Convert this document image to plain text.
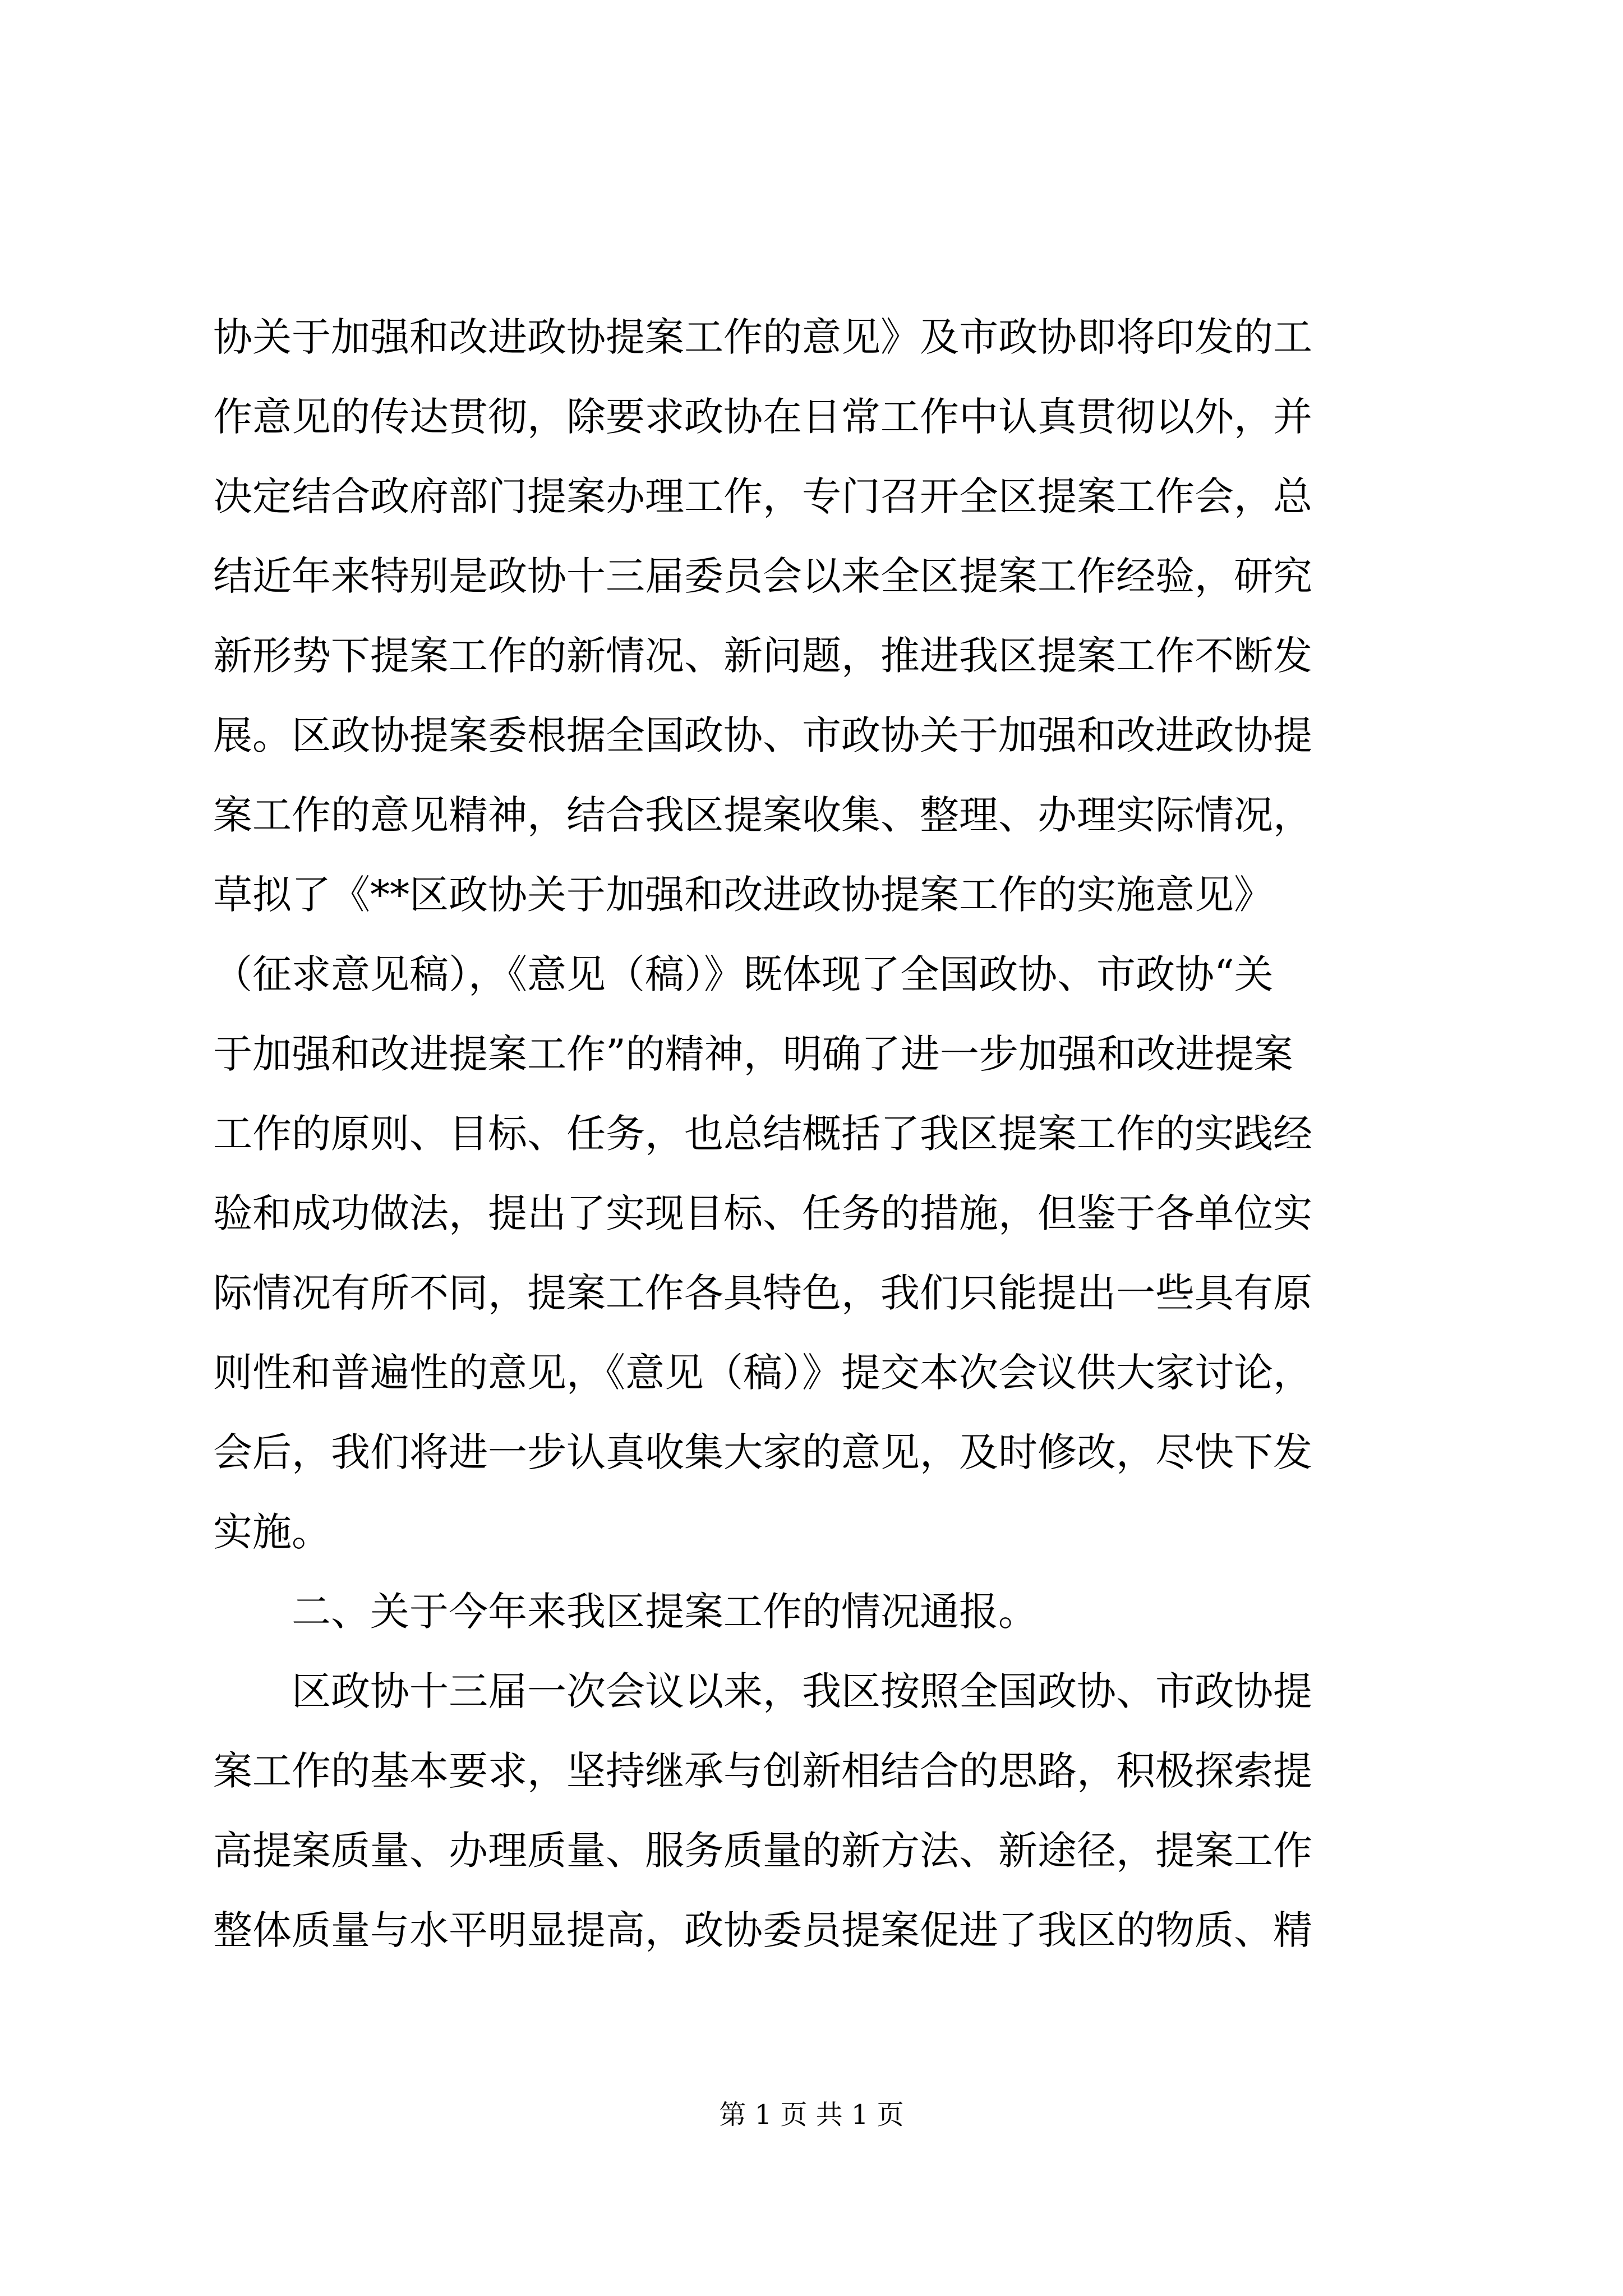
协关于加强和改进政协提案工作的意见》及市政协即将印发的工
作意见的传达贯彻，除要求政协在日常工作中认真贯彻以外，并
决定结合政府部门提案办理工作，专门召开全区提案工作会，总
结近年来特别是政协十三届委员会以来全区提案工作经验，研究
新形势下提案工作的新情况、新问题，推进我区提案工作不断发
展。区政协提案委根据全国政协、市政协关于加强和改进政协提
案工作的意见精神，结合我区提案收集、整理、办理实际情况，
草拟了《**区政协关于加强和改进政协提案工作的实施意见》
（征求意见稿），《意见（稿）》既体现了全国政协、市政协“关
于加强和改进提案工作”的精神，明确了进一步加强和改进提案
工作的原则、目标、任务，也总结概括了我区提案工作的实践经
验和成功做法，提出了实现目标、任务的措施，但鉴于各单位实
际情况有所不同，提案工作各具特色，我们只能提出一些具有原
则性和普遍性的意见，《意见（稿）》提交本次会议供大家讨论，
会后，我们将进一步认真收集大家的意见，及时修改，尽快下发
实施。
二、关于今年来我区提案工作的情况通报。
区政协十三届一次会议以来，我区按照全国政协、市政协提
案工作的基本要求，坚持继承与创新相结合的思路，积极探索提
高提案质量、办理质量、服务质量的新方法、新途径，提案工作
整体质量与水平明显提高，政协委员提案促进了我区的物质、精
第 1 页 共 1 页
